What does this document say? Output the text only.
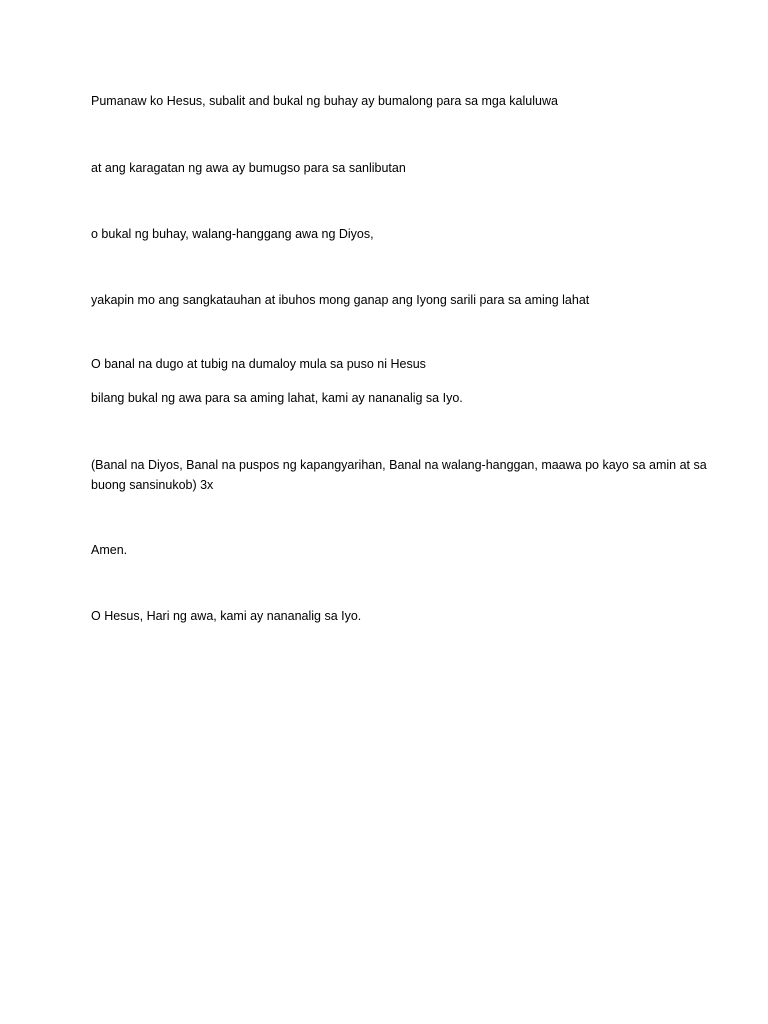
Pumanaw ko Hesus, subalit and bukal ng buhay ay bumalong para sa mga kaluluwa

at ang karagatan ng awa ay bumugso para sa sanlibutan

o bukal ng buhay, walang-hanggang awa ng Diyos,

yakapin mo ang sangkatauhan at ibuhos mong ganap ang Iyong sarili para sa aming lahat

O banal na dugo at tubig na dumaloy mula sa puso ni Hesus

bilang bukal ng awa para sa aming lahat, kami ay nananalig sa Iyo.

(Banal na Diyos, Banal na puspos ng kapangyarihan, Banal na walang-hanggan, maawa po kayo sa amin at sa buong sansinukob) 3x

Amen.

O Hesus, Hari ng awa, kami ay nananalig sa Iyo.
